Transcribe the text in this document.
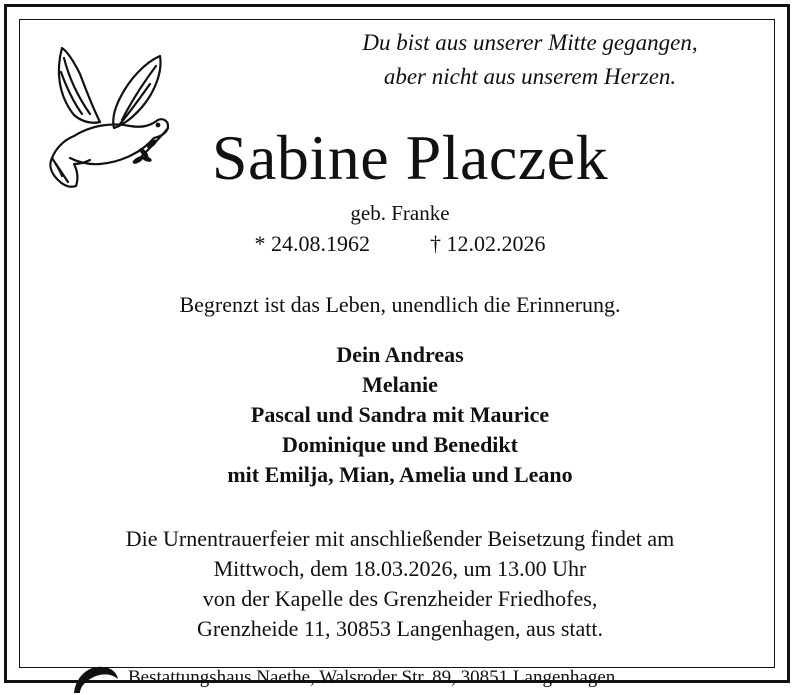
Du bist aus unserer Mitte gegangen,
aber nicht aus unserem Herzen.
Sabine Placzek
geb. Franke
* 24.08.1962	† 12.02.2026
Begrenzt ist das Leben, unendlich die Erinnerung.
Dein Andreas
Melanie
Pascal und Sandra mit Maurice
Dominique und Benedikt
mit Emilja, Mian, Amelia und Leano
Die Urnentrauerfeier mit anschließender Beisetzung findet am
Mittwoch, dem 18.03.2026, um 13.00 Uhr
von der Kapelle des Grenzheider Friedhofes,
Grenzheide 11, 30853 Langenhagen, aus statt.
Bestattungshaus Naethe, Walsroder Str. 89, 30851 Langenhagen
